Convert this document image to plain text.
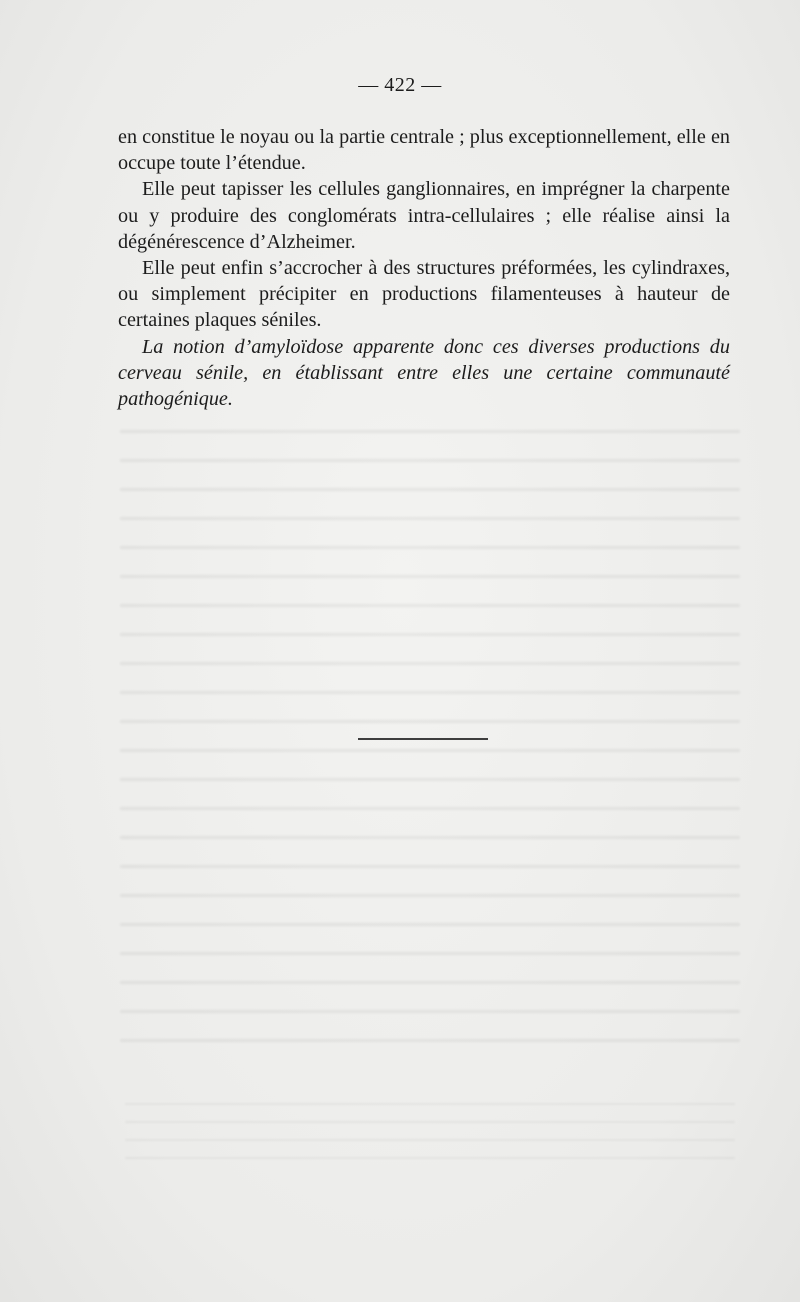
— 422 —

en constitue le noyau ou la partie centrale ; plus exceptionnellement, elle en occupe toute l’étendue.

Elle peut tapisser les cellules ganglionnaires, en imprégner la charpente ou y produire des conglomérats intra-cellulaires ; elle réalise ainsi la dégénérescence d’Alzheimer.

Elle peut enfin s’accrocher à des structures préformées, les cylindraxes, ou simplement précipiter en productions filamenteuses à hauteur de certaines plaques séniles.

La notion d’amyloïdose apparente donc ces diverses productions du cerveau sénile, en établissant entre elles une certaine communauté pathogénique.
